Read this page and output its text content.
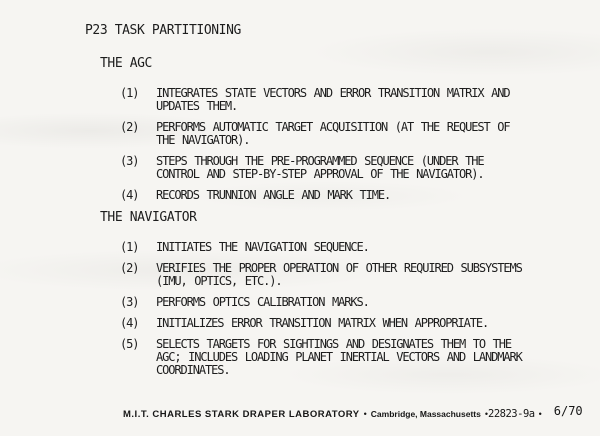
P23 TASK PARTITIONING
THE AGC
(1)	INTEGRATES STATE VECTORS AND ERROR TRANSITION MATRIX AND
UPDATES THEM.
(2)	PERFORMS AUTOMATIC TARGET ACQUISITION (AT THE REQUEST OF
THE NAVIGATOR).
(3)	STEPS THROUGH THE PRE-PROGRAMMED SEQUENCE (UNDER THE
CONTROL AND STEP-BY-STEP APPROVAL OF THE NAVIGATOR).
(4)	RECORDS TRUNNION ANGLE AND MARK TIME.
THE NAVIGATOR
(1)	INITIATES THE NAVIGATION SEQUENCE.
(2)	VERIFIES THE PROPER OPERATION OF OTHER REQUIRED SUBSYSTEMS
(IMU, OPTICS, ETC.).
(3)	PERFORMS OPTICS CALIBRATION MARKS.
(4)	INITIALIZES ERROR TRANSITION MATRIX WHEN APPROPRIATE.
(5)	SELECTS TARGETS FOR SIGHTINGS AND DESIGNATES THEM TO THE
AGC; INCLUDES LOADING PLANET INERTIAL VECTORS AND LANDMARK
COORDINATES.
M.I.T. CHARLES STARK DRAPER LABORATORY • Cambridge, Massachusetts • 22823-9a • 6/70
